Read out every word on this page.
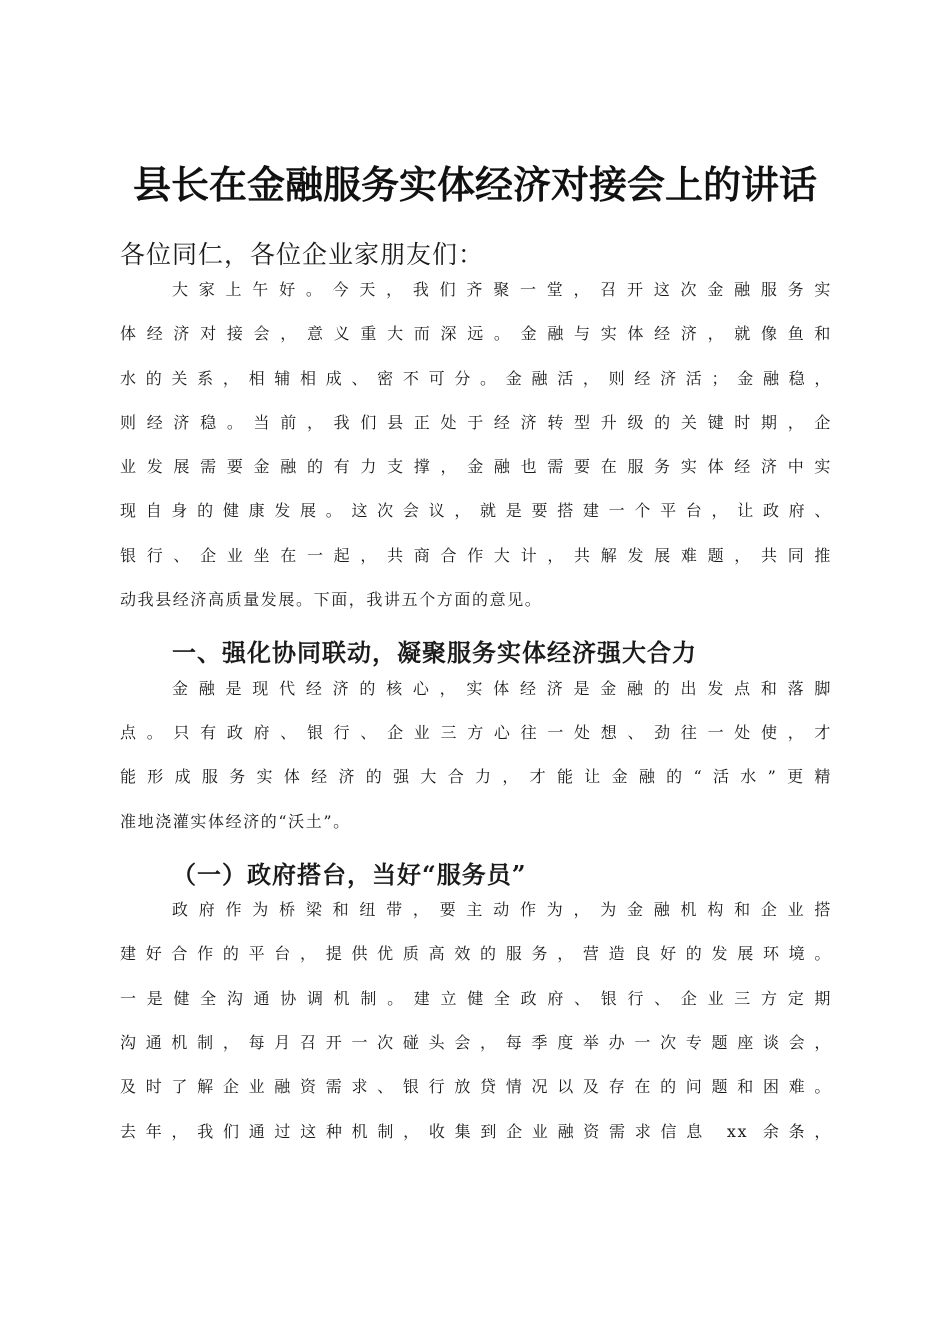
县长在金融服务实体经济对接会上的讲话

各位同仁，各位企业家朋友们：

大家上午好。今天，我们齐聚一堂，召开这次金融服务实
体经济对接会，意义重大而深远。金融与实体经济，就像鱼和
水的关系，相辅相成、密不可分。金融活，则经济活；金融稳，
则经济稳。当前，我们县正处于经济转型升级的关键时期，企
业发展需要金融的有力支撑，金融也需要在服务实体经济中实
现自身的健康发展。这次会议，就是要搭建一个平台，让政府、
银行、企业坐在一起，共商合作大计，共解发展难题，共同推
动我县经济高质量发展。下面，我讲五个方面的意见。
一、强化协同联动，凝聚服务实体经济强大合力
金融是现代经济的核心，实体经济是金融的出发点和落脚
点。只有政府、银行、企业三方心往一处想、劲往一处使，才
能形成服务实体经济的强大合力，才能让金融的“活水”更精
准地浇灌实体经济的“沃土”。
（一）政府搭台，当好“服务员”
政府作为桥梁和纽带，要主动作为，为金融机构和企业搭
建好合作的平台，提供优质高效的服务，营造良好的发展环境。
一是健全沟通协调机制。建立健全政府、银行、企业三方定期
沟通机制，每月召开一次碰头会，每季度举办一次专题座谈会，
及时了解企业融资需求、银行放贷情况以及存在的问题和困难。
去年，我们通过这种机制，收集到企业融资需求信息 xx 余条，
